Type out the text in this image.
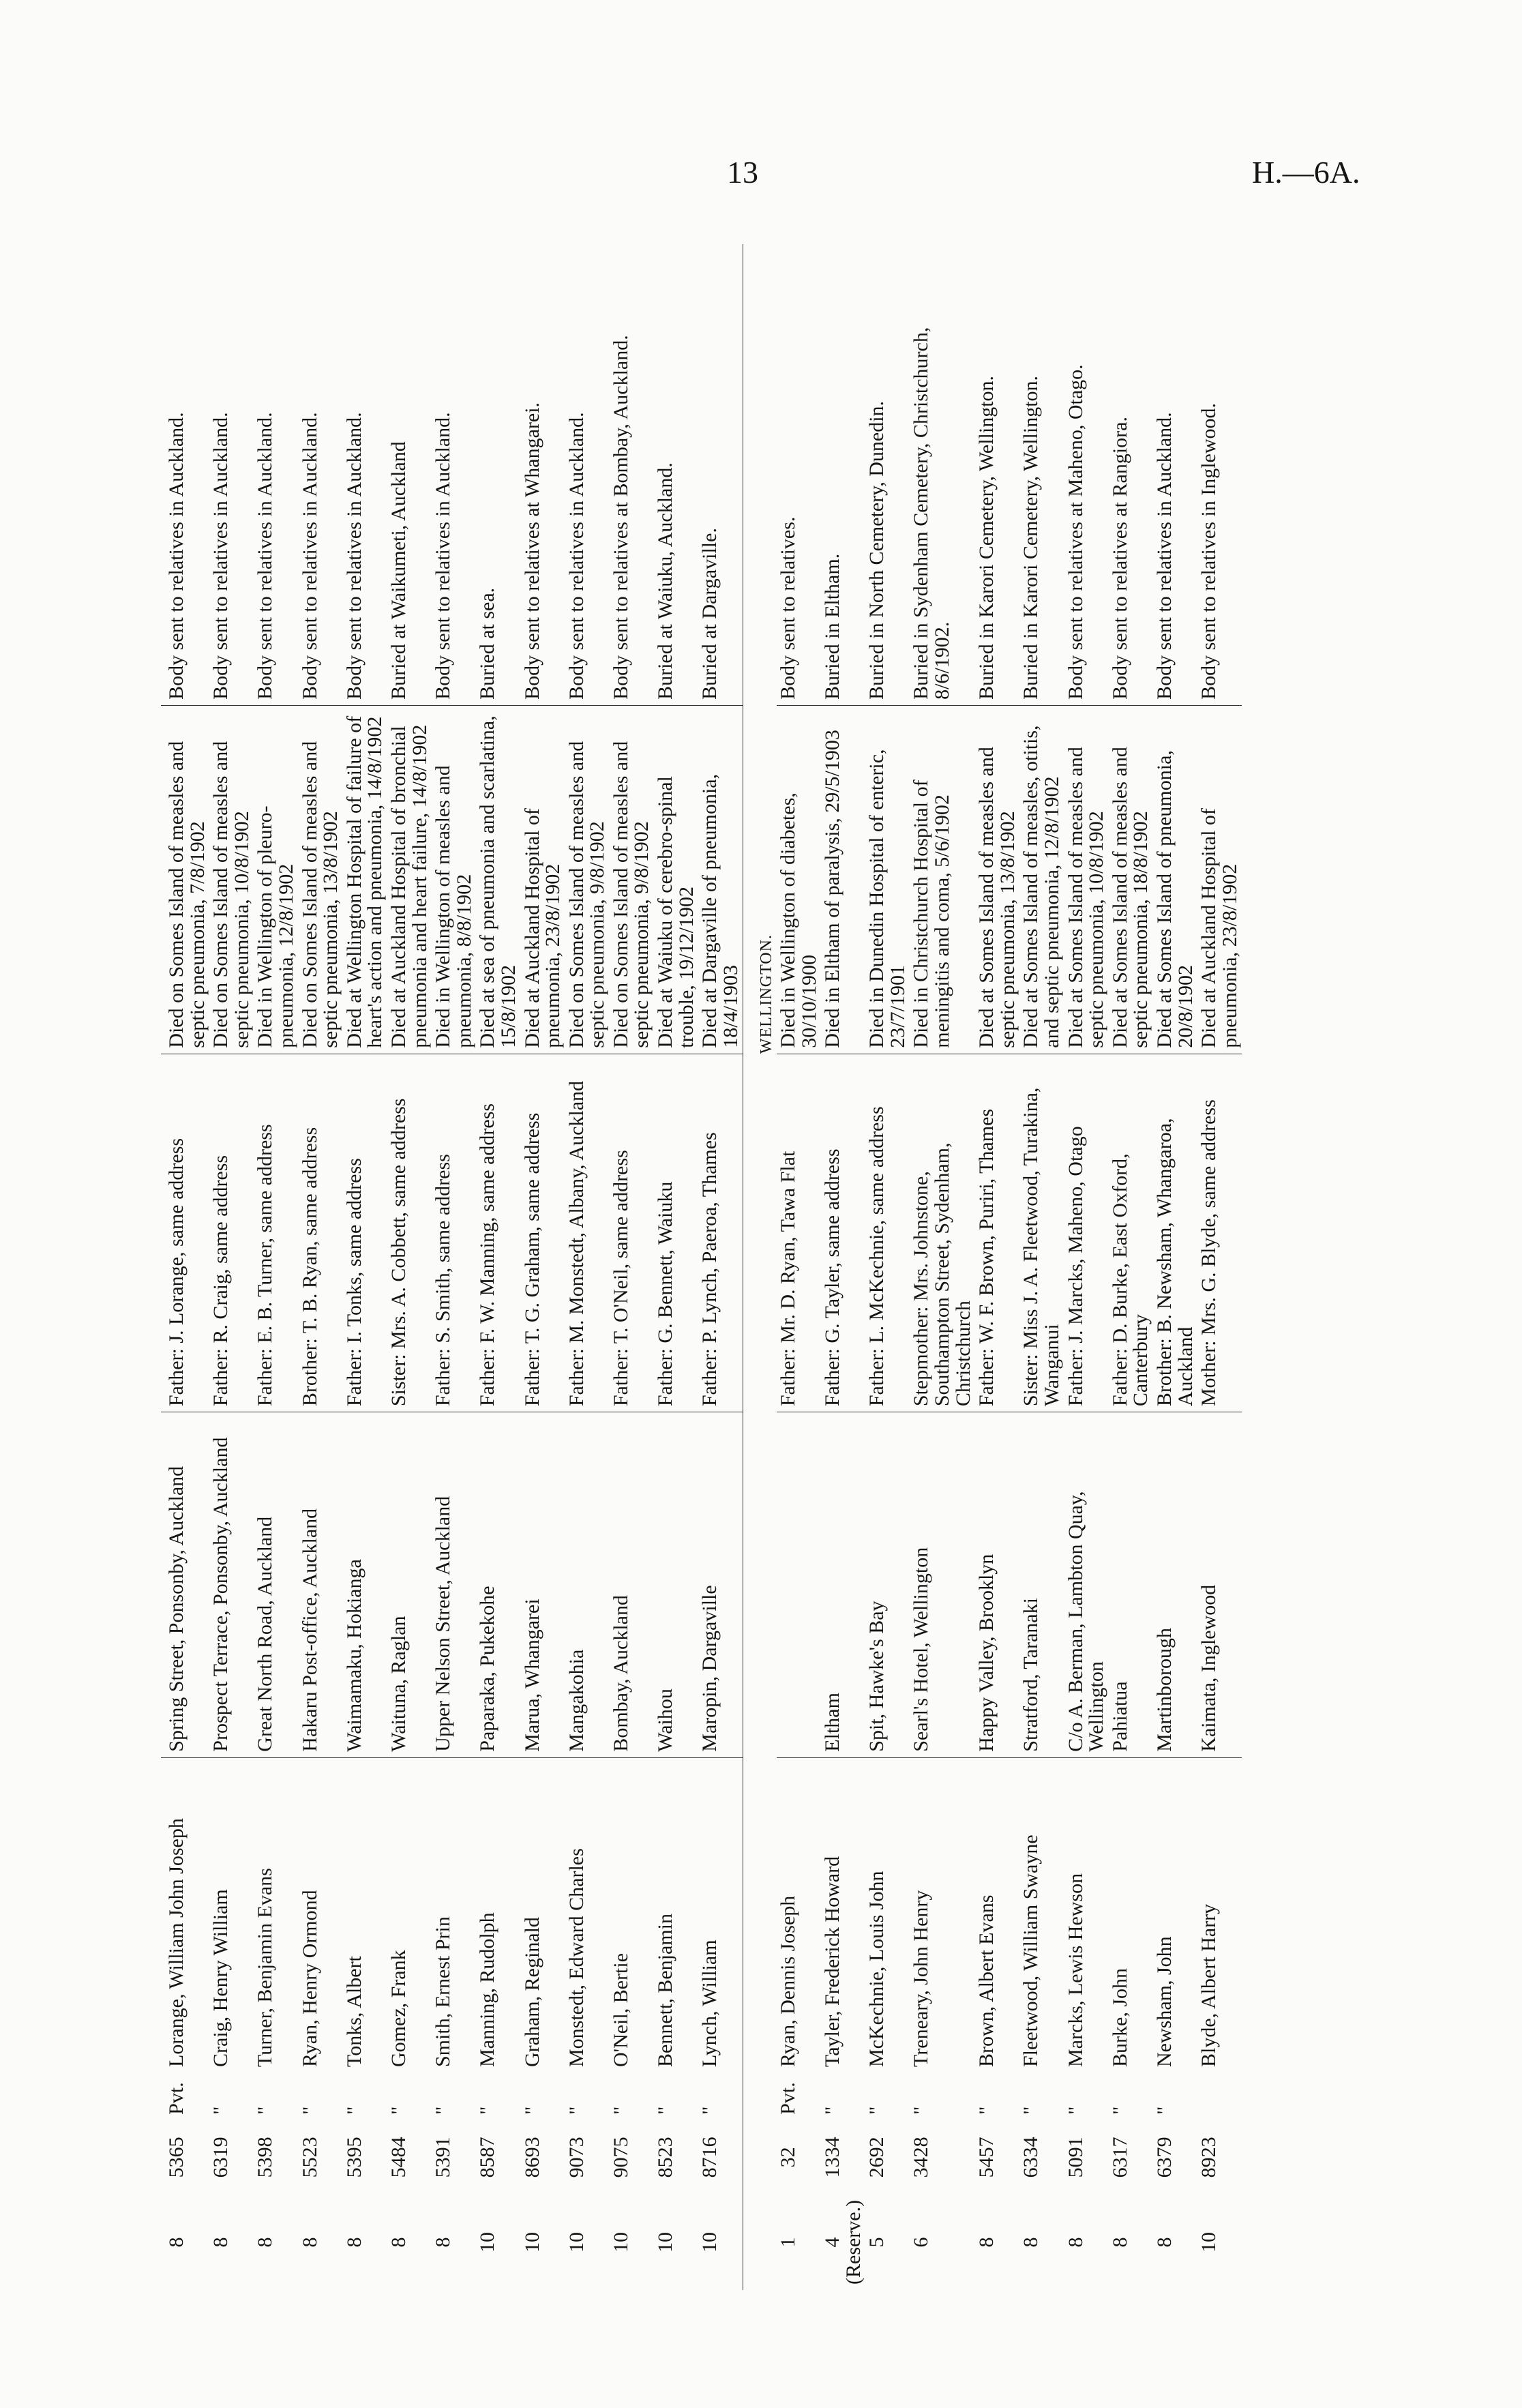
13	H.—6A.
8	5365	Pvt.	Lorange, William John Joseph	Spring Street, Ponsonby, Auckland	Father: J. Lorange, same address	Died on Somes Island of measles and septic pneumonia, 7/8/1902	Body sent to relatives in Auckland.
8	6319	"	Craig, Henry William	Prospect Terrace, Ponsonby, Auckland	Father: R. Craig, same address	Died on Somes Island of measles and septic pneumonia, 10/8/1902	Body sent to relatives in Auckland.
8	5398	"	Turner, Benjamin Evans	Great North Road, Auckland	Father: E. B. Turner, same address	Died in Wellington of pleuro-pneumonia, 12/8/1902	Body sent to relatives in Auckland.
8	5523	"	Ryan, Henry Ormond	Hakaru Post-office, Auckland	Brother: T. B. Ryan, same address	Died on Somes Island of measles and septic pneumonia, 13/8/1902	Body sent to relatives in Auckland.
8	5395	"	Tonks, Albert	Waimamaku, Hokianga	Father: I. Tonks, same address	Died at Wellington Hospital of failure of heart's action and pneumonia, 14/8/1902	Body sent to relatives in Auckland.
8	5484	"	Gomez, Frank	Waituna, Raglan	Sister: Mrs. A. Cobbett, same address	Died at Auckland Hospital of bronchial pneumonia and heart failure, 14/8/1902	Buried at Waikumeti, Auckland
8	5391	"	Smith, Ernest Prin	Upper Nelson Street, Auckland	Father: S. Smith, same address	Died in Wellington of measles and pneumonia, 8/8/1902	Body sent to relatives in Auckland.
10	8587	"	Manning, Rudolph	Paparaka, Pukekohe	Father: F. W. Manning, same address	Died at sea of pneumonia and scarlatina, 15/8/1902	Buried at sea.
10	8693	"	Graham, Reginald	Marua, Whangarei	Father: T. G. Graham, same address	Died at Auckland Hospital of pneumonia, 23/8/1902	Body sent to relatives at Whangarei.
10	9073	"	Monstedt, Edward Charles	Mangakohia	Father: M. Monstedt, Albany, Auckland	Died on Somes Island of measles and septic pneumonia, 9/8/1902	Body sent to relatives in Auckland.
10	9075	"	O'Neil, Bertie	Bombay, Auckland	Father: T. O'Neil, same address	Died on Somes Island of measles and septic pneumonia, 9/8/1902	Body sent to relatives at Bombay, Auckland.
10	8523	"	Bennett, Benjamin	Waihou	Father: G. Bennett, Waiuku	Died at Waiuku of cerebro-spinal trouble, 19/12/1902	Buried at Waiuku, Auckland.
10	8716	"	Lynch, William	Maropin, Dargaville	Father: P. Lynch, Paeroa, Thames	Died at Dargaville of pneumonia, 18/4/1903	Buried at Dargaville.

						WELLINGTON.	
1	32	Pvt.	Ryan, Dennis Joseph		Father: Mr. D. Ryan, Tawa Flat	Died in Wellington of diabetes, 30/10/1900	Body sent to relatives.
4 (Reserve.)	1334	"	Tayler, Frederick Howard	Eltham	Father: G. Tayler, same address	Died in Eltham of paralysis, 29/5/1903	Buried in Eltham.
5	2692	"	McKechnie, Louis John	Spit, Hawke's Bay	Father: L. McKechnie, same address	Died in Dunedin Hospital of enteric, 23/7/1901	Buried in North Cemetery, Dunedin.
6	3428	"	Treneary, John Henry	Searl's Hotel, Wellington	Stepmother: Mrs. Johnstone, Southampton Street, Sydenham, Christchurch	Died in Christchurch Hospital of meningitis and coma, 5/6/1902	Buried in Sydenham Cemetery, Christchurch, 8/6/1902.
8	5457	"	Brown, Albert Evans	Happy Valley, Brooklyn	Father: W. F. Brown, Puriri, Thames	Died at Somes Island of measles and septic pneumonia, 13/8/1902	Buried in Karori Cemetery, Wellington.
8	6334	"	Fleetwood, William Swayne	Stratford, Taranaki	Sister: Miss J. A. Fleetwood, Turakina, Wanganui	Died at Somes Island of measles, otitis, and septic pneumonia, 12/8/1902	Buried in Karori Cemetery, Wellington.
8	5091	"	Marcks, Lewis Hewson	C/o A. Berman, Lambton Quay, Wellington	Father: J. Marcks, Maheno, Otago	Died at Somes Island of measles and septic pneumonia, 10/8/1902	Body sent to relatives at Maheno, Otago.
8	6317	"	Burke, John	Pahiatua	Father: D. Burke, East Oxford, Canterbury	Died at Somes Island of measles and septic pneumonia, 18/8/1902	Body sent to relatives at Rangiora.
8	6379	"	Newsham, John	Martinborough	Brother: B. Newsham, Whangaroa, Auckland	Died at Somes Island of pneumonia, 20/8/1902	Body sent to relatives in Auckland.
10	8923		Blyde, Albert Harry	Kaimata, Inglewood	Mother: Mrs. G. Blyde, same address	Died at Auckland Hospital of pneumonia, 23/8/1902	Body sent to relatives in Inglewood.
